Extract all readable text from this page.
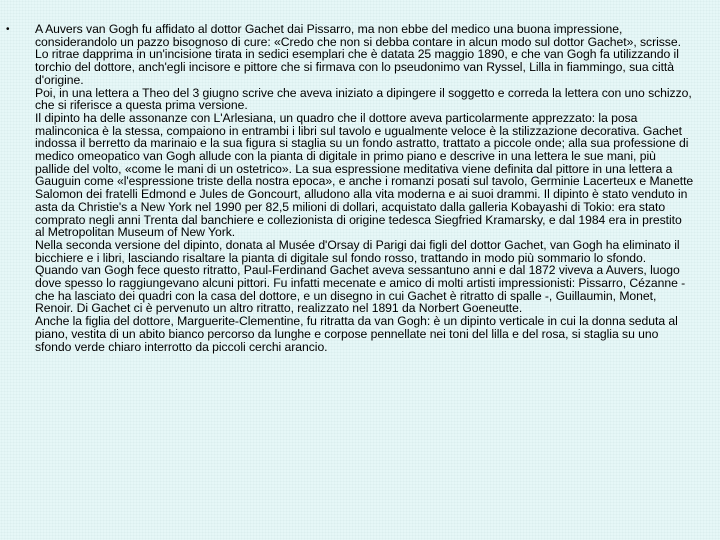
• A Auvers van Gogh fu affidato al dottor Gachet dai Pissarro, ma non ebbe del medico una buona impressione, considerandolo un pazzo bisognoso di cure: «Credo che non si debba contare in alcun modo sul dottor Gachet», scrisse.

Lo ritrae dapprima in un'incisione tirata in sedici esemplari che è datata 25 maggio 1890, e che van Gogh fa utilizzando il torchio del dottore, anch'egli incisore e pittore che si firmava con lo pseudonimo van Ryssel, Lilla in fiammingo, sua città d'origine.

Poi, in una lettera a Theo del 3 giugno scrive che aveva iniziato a dipingere il soggetto e correda la lettera con uno schizzo, che si riferisce a questa prima versione.

Il dipinto ha delle assonanze con L'Arlesiana, un quadro che il dottore aveva particolarmente apprezzato: la posa malinconica è la stessa, compaiono in entrambi i libri sul tavolo e ugualmente veloce è la stilizzazione decorativa. Gachet indossa il berretto da marinaio e la sua figura si staglia su un fondo astratto, trattato a piccole onde; alla sua professione di medico omeopatico van Gogh allude con la pianta di digitale in primo piano e descrive in una lettera le sue mani, più pallide del volto, «come le mani di un ostetrico». La sua espressione meditativa viene definita dal pittore in una lettera a Gauguin come «l'espressione triste della nostra epoca», e anche i romanzi posati sul tavolo, Germinie Lacerteux e Manette Salomon dei fratelli Edmond e Jules de Goncourt, alludono alla vita moderna e ai suoi drammi. Il dipinto è stato venduto in asta da Christie's a New York nel 1990 per 82,5 milioni di dollari, acquistato dalla galleria Kobayashi di Tokio: era stato comprato negli anni Trenta dal banchiere e collezionista di origine tedesca Siegfried Kramarsky, e dal 1984 era in prestito al Metropolitan Museum of New York.

Nella seconda versione del dipinto, donata al Musée d'Orsay di Parigi dai figli del dottor Gachet, van Gogh ha eliminato il bicchiere e i libri, lasciando risaltare la pianta di digitale sul fondo rosso, trattando in modo più sommario lo sfondo.

Quando van Gogh fece questo ritratto, Paul-Ferdinand Gachet aveva sessantuno anni e dal 1872 viveva a Auvers, luogo dove spesso lo raggiungevano alcuni pittori. Fu infatti mecenate e amico di molti artisti impressionisti: Pissarro, Cézanne - che ha lasciato dei quadri con la casa del dottore, e un disegno in cui Gachet è ritratto di spalle -, Guillaumin, Monet, Renoir. Di Gachet ci è pervenuto un altro ritratto, realizzato nel 1891 da Norbert Goeneutte.

Anche la figlia del dottore, Marguerite-Clementine, fu ritratta da van Gogh: è un dipinto verticale in cui la donna seduta al piano, vestita di un abito bianco percorso da lunghe e corpose pennellate nei toni del lilla e del rosa, si staglia su uno sfondo verde chiaro interrotto da piccoli cerchi arancio.
